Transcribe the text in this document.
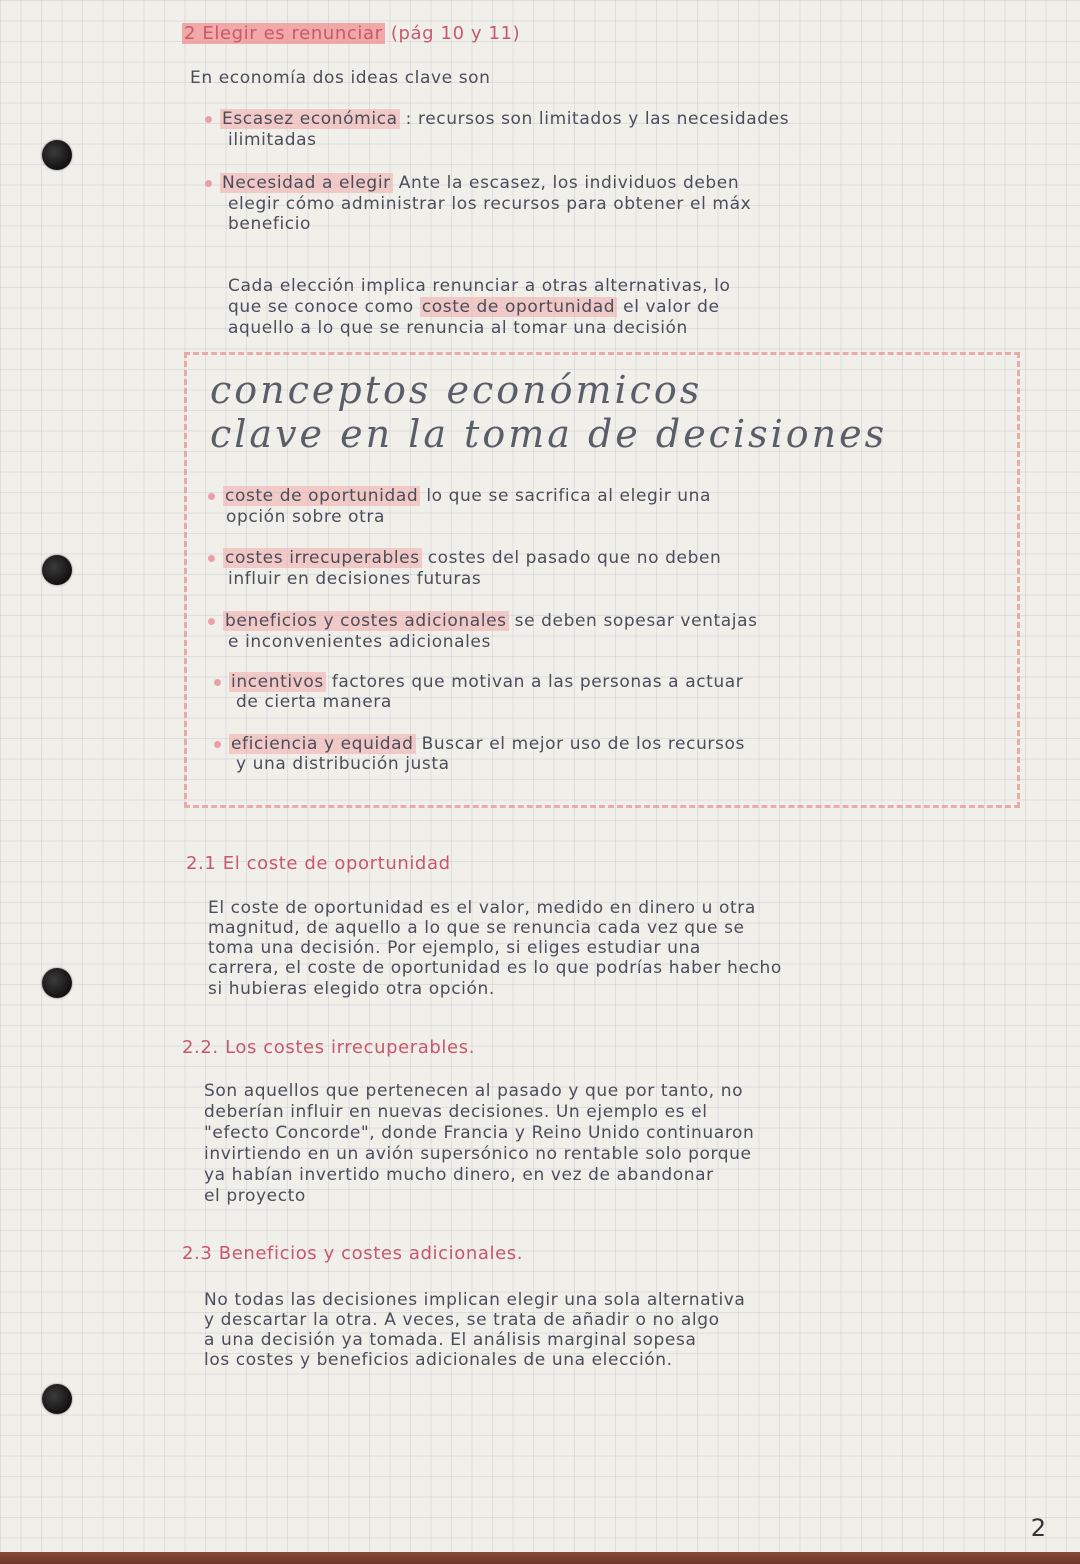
2 Elegir es renunciar (pág 10 y 11)
En economía dos ideas clave son
Escasez económica : recursos son limitados y las necesidades
ilimitadas
Necesidad a elegir Ante la escasez, los individuos deben
elegir cómo administrar los recursos para obtener el máx
beneficio
Cada elección implica renunciar a otras alternativas, lo
que se conoce como coste de oportunidad el valor de
aquello a lo que se renuncia al tomar una decisión
conceptos económicos
clave en la toma de decisiones
coste de oportunidad lo que se sacrifica al elegir una
opción sobre otra
costes irrecuperables costes del pasado que no deben
influir en decisiones futuras
beneficios y costes adicionales se deben sopesar ventajas
e inconvenientes adicionales
incentivos factores que motivan a las personas a actuar
de cierta manera
eficiencia y equidad Buscar el mejor uso de los recursos
y una distribución justa
2.1 El coste de oportunidad
El coste de oportunidad es el valor, medido en dinero u otra
magnitud, de aquello a lo que se renuncia cada vez que se
toma una decisión. Por ejemplo, si eliges estudiar una
carrera, el coste de oportunidad es lo que podrías haber hecho
si hubieras elegido otra opción.
2.2. Los costes irrecuperables.
Son aquellos que pertenecen al pasado y que por tanto, no
deberían influir en nuevas decisiones. Un ejemplo es el
"efecto Concorde", donde Francia y Reino Unido continuaron
invirtiendo en un avión supersónico no rentable solo porque
ya habían invertido mucho dinero, en vez de abandonar
el proyecto
2.3 Beneficios y costes adicionales.
No todas las decisiones implican elegir una sola alternativa
y descartar la otra. A veces, se trata de añadir o no algo
a una decisión ya tomada. El análisis marginal sopesa
los costes y beneficios adicionales de una elección.
2
